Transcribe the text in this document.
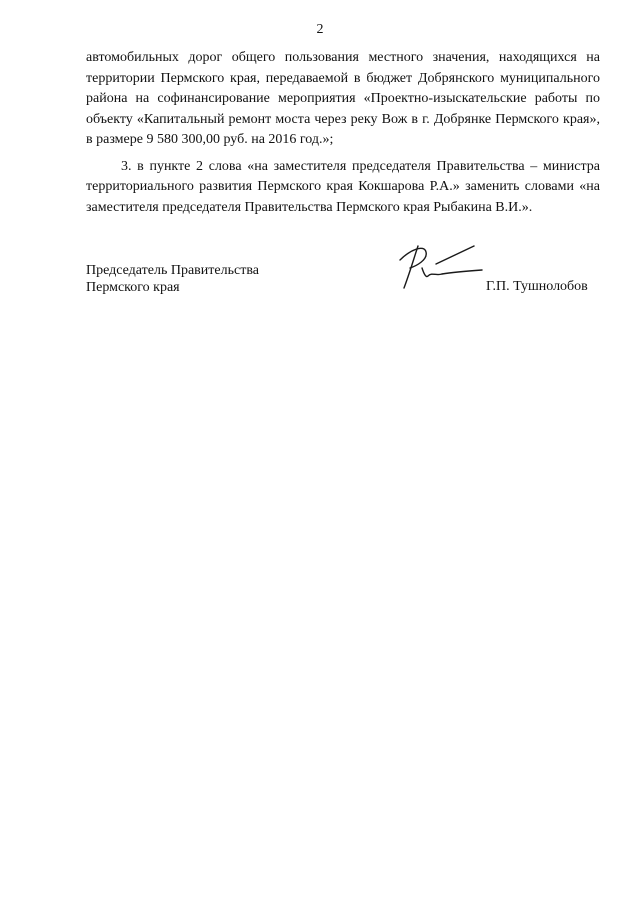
2

автомобильных дорог общего пользования местного значения, находящихся на территории Пермского края, передаваемой в бюджет Добрянского муниципального района на софинансирование мероприятия «Проектно-изыскательские работы по объекту «Капитальный ремонт моста через реку Вож в г. Добрянке Пермского края», в размере 9 580 300,00 руб. на 2016 год.»;

3. в пункте 2 слова «на заместителя председателя Правительства – министра территориального развития Пермского края Кокшарова Р.А.» заменить словами «на заместителя председателя Правительства Пермского края Рыбакина В.И.».

Председатель Правительства
Пермского края	Г.П. Тушнолобов
